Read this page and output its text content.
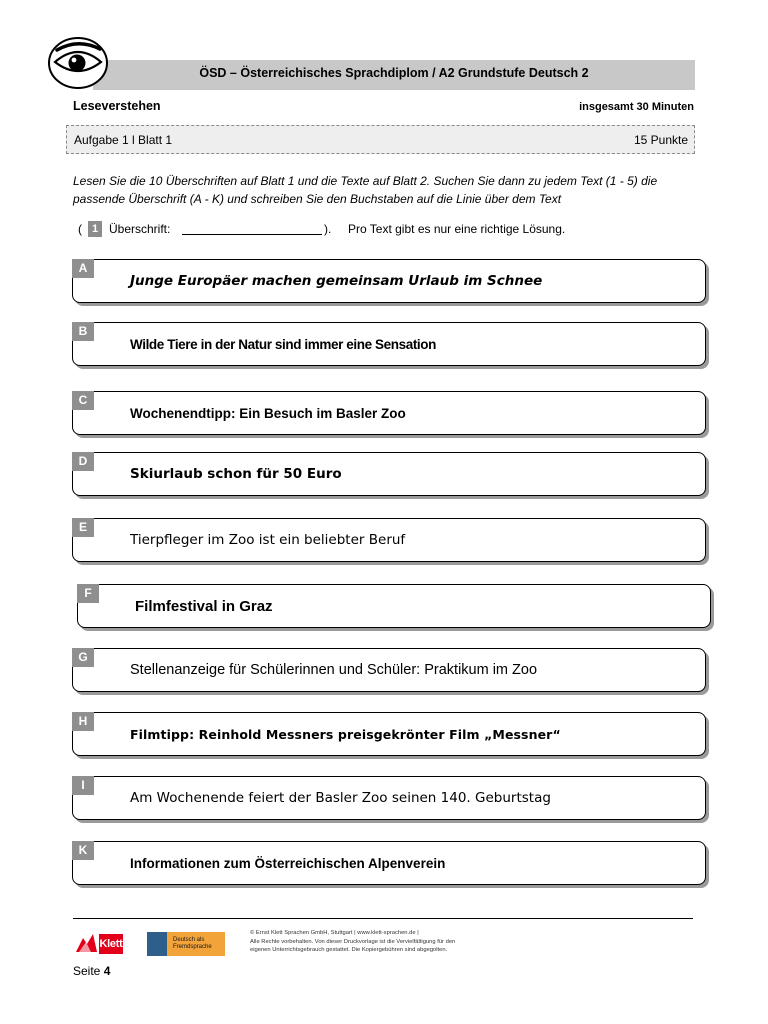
ÖSD – Österreichisches Sprachdiplom / A2 Grundstufe Deutsch 2
Leseverstehen	insgesamt 30 Minuten
Aufgabe 1 l Blatt 1	15 Punkte
Lesen Sie die 10 Überschriften auf Blatt 1 und die Texte auf Blatt 2. Suchen Sie dann zu jedem Text (1 - 5) die passende Überschrift (A - K) und schreiben Sie den Buchstaben auf die Linie über dem Text
( 1 Überschrift:	). Pro Text gibt es nur eine richtige Lösung.
A
Junge Europäer machen gemeinsam Urlaub im Schnee
B
Wilde Tiere in der Natur sind immer eine Sensation
C
Wochenendtipp: Ein Besuch im Basler Zoo
D
Skiurlaub schon für 50 Euro
E
Tierpfleger im Zoo ist ein beliebter Beruf
F
Filmfestival in Graz
G
Stellenanzeige für Schülerinnen und Schüler: Praktikum im Zoo
H
Filmtipp: Reinhold Messners preisgekrönter Film „Messner“
I
Am Wochenende feiert der Basler Zoo seinen 140. Geburtstag
K
Informationen zum Österreichischen Alpenverein
Klett	Deutsch als Fremdsprache
© Ernst Klett Sprachen GmbH, Stuttgart | www.klett-sprachen.de |
Alle Rechte vorbehalten. Von dieser Druckvorlage ist die Vervielfältigung für den
eigenen Unterrichtsgebrauch gestattet. Die Kopiergebühren sind abgegolten.
Seite 4
